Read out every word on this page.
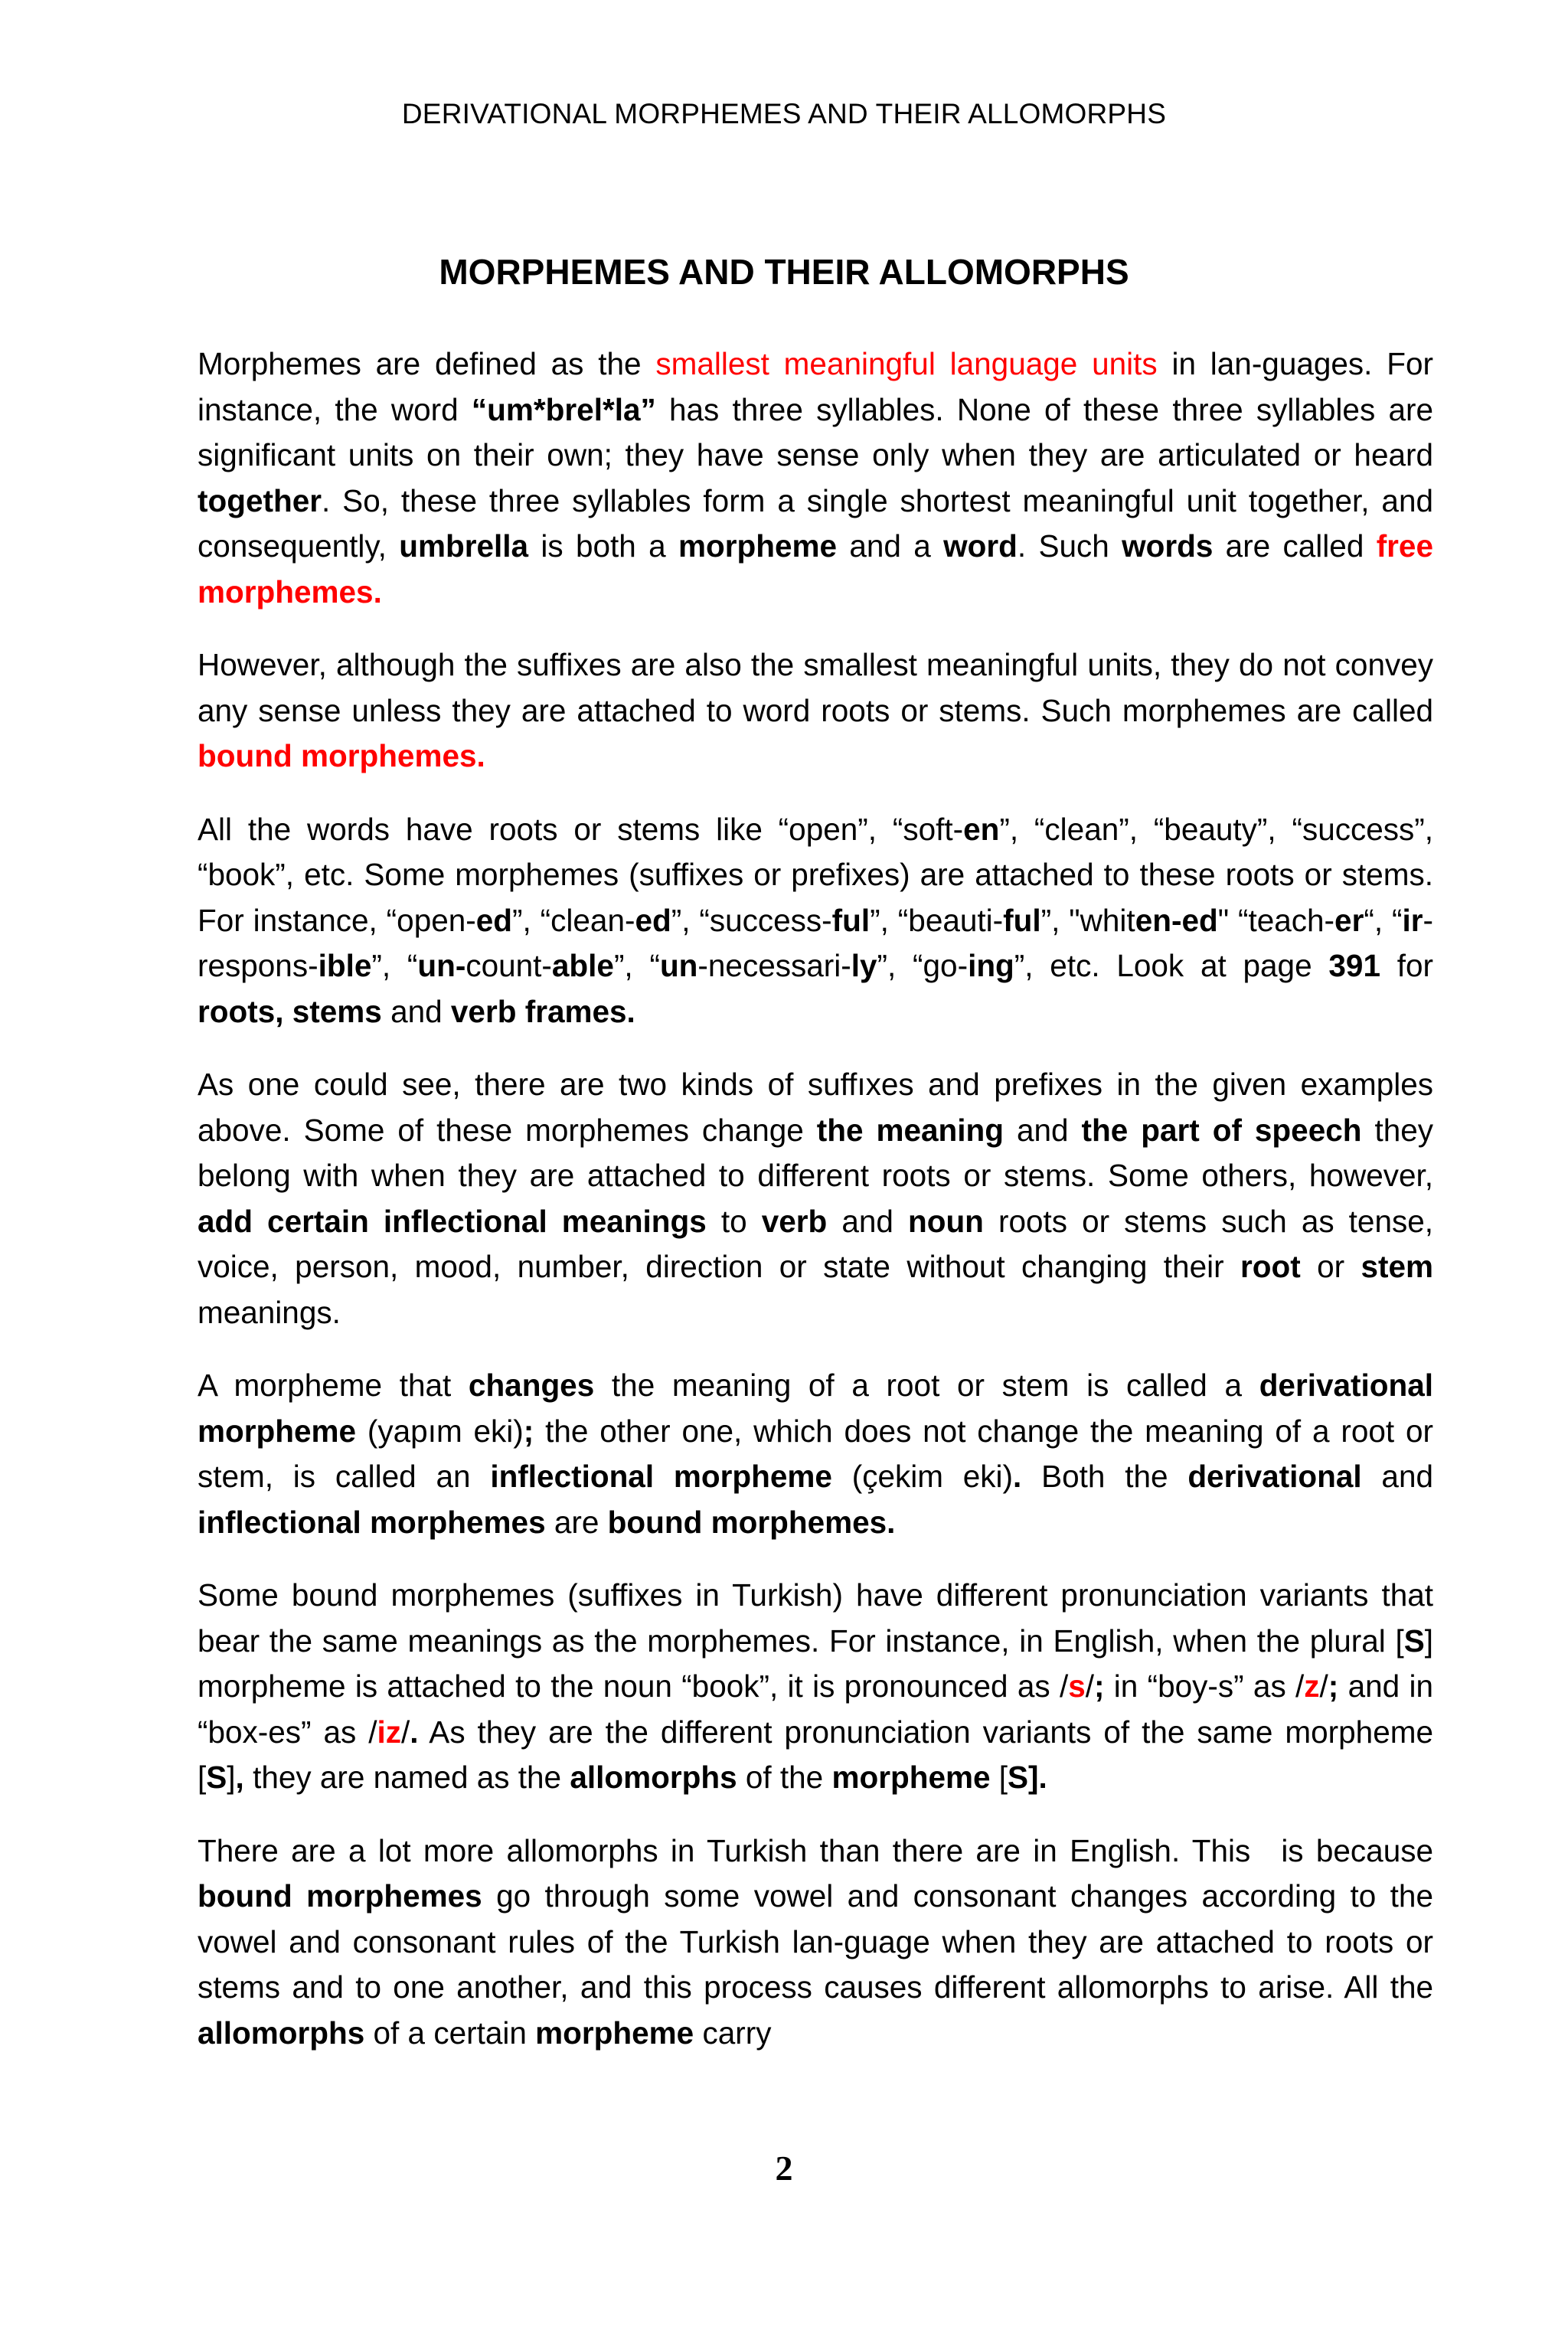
DERIVATIONAL MORPHEMES AND THEIR ALLOMORPHS
MORPHEMES AND THEIR ALLOMORPHS

Morphemes are defined as the smallest meaningful language units in lan-guages. For instance, the word “um*brel*la” has three syllables. None of these three syllables are significant units on their own; they have sense only when they are articulated or heard together. So, these three syllables form a single shortest meaningful unit together, and consequently, umbrella is both a morpheme and a word. Such words are called free morphemes.

However, although the suffixes are also the smallest meaningful units, they do not convey any sense unless they are attached to word roots or stems. Such morphemes are called bound morphemes.

All the words have roots or stems like “open”, “soft-en”, “clean”, “beauty”, “success”, “book”, etc. Some morphemes (suffixes or prefixes) are attached to these roots or stems. For instance, “open-ed”, “clean-ed”, “success-ful”, “beauti-ful”, "whiten-ed" “teach-er“, “ir-respons-ible”, “un-count-able”, “un-necessari-ly”, “go-ing”, etc. Look at page 391 for roots, stems and verb frames.

As one could see, there are two kinds of suffıxes and prefixes in the given examples above. Some of these morphemes change the meaning and the part of speech they belong with when they are attached to different roots or stems. Some others, however, add certain inflectional meanings to verb and noun roots or stems such as tense, voice, person, mood, number, direction or state without changing their root or stem meanings.

A morpheme that changes the meaning of a root or stem is called a derivational morpheme (yapım eki); the other one, which does not change the meaning of a root or stem, is called an inflectional morpheme (çekim eki). Both the derivational and inflectional morphemes are bound morphemes.

Some bound morphemes (suffixes in Turkish) have different pronunciation variants that bear the same meanings as the morphemes. For instance, in English, when the plural [S] morpheme is attached to the noun “book”, it is pronounced as /s/; in “boy-s” as /z/; and in “box-es” as /iz/. As they are the different pronunciation variants of the same morpheme [S], they are named as the allomorphs of the morpheme [S].

There are a lot more allomorphs in Turkish than there are in English. This is because bound morphemes go through some vowel and consonant changes according to the vowel and consonant rules of the Turkish lan-guage when they are attached to roots or stems and to one another, and this process causes different allomorphs to arise. All the allomorphs of a certain morpheme carry

2
